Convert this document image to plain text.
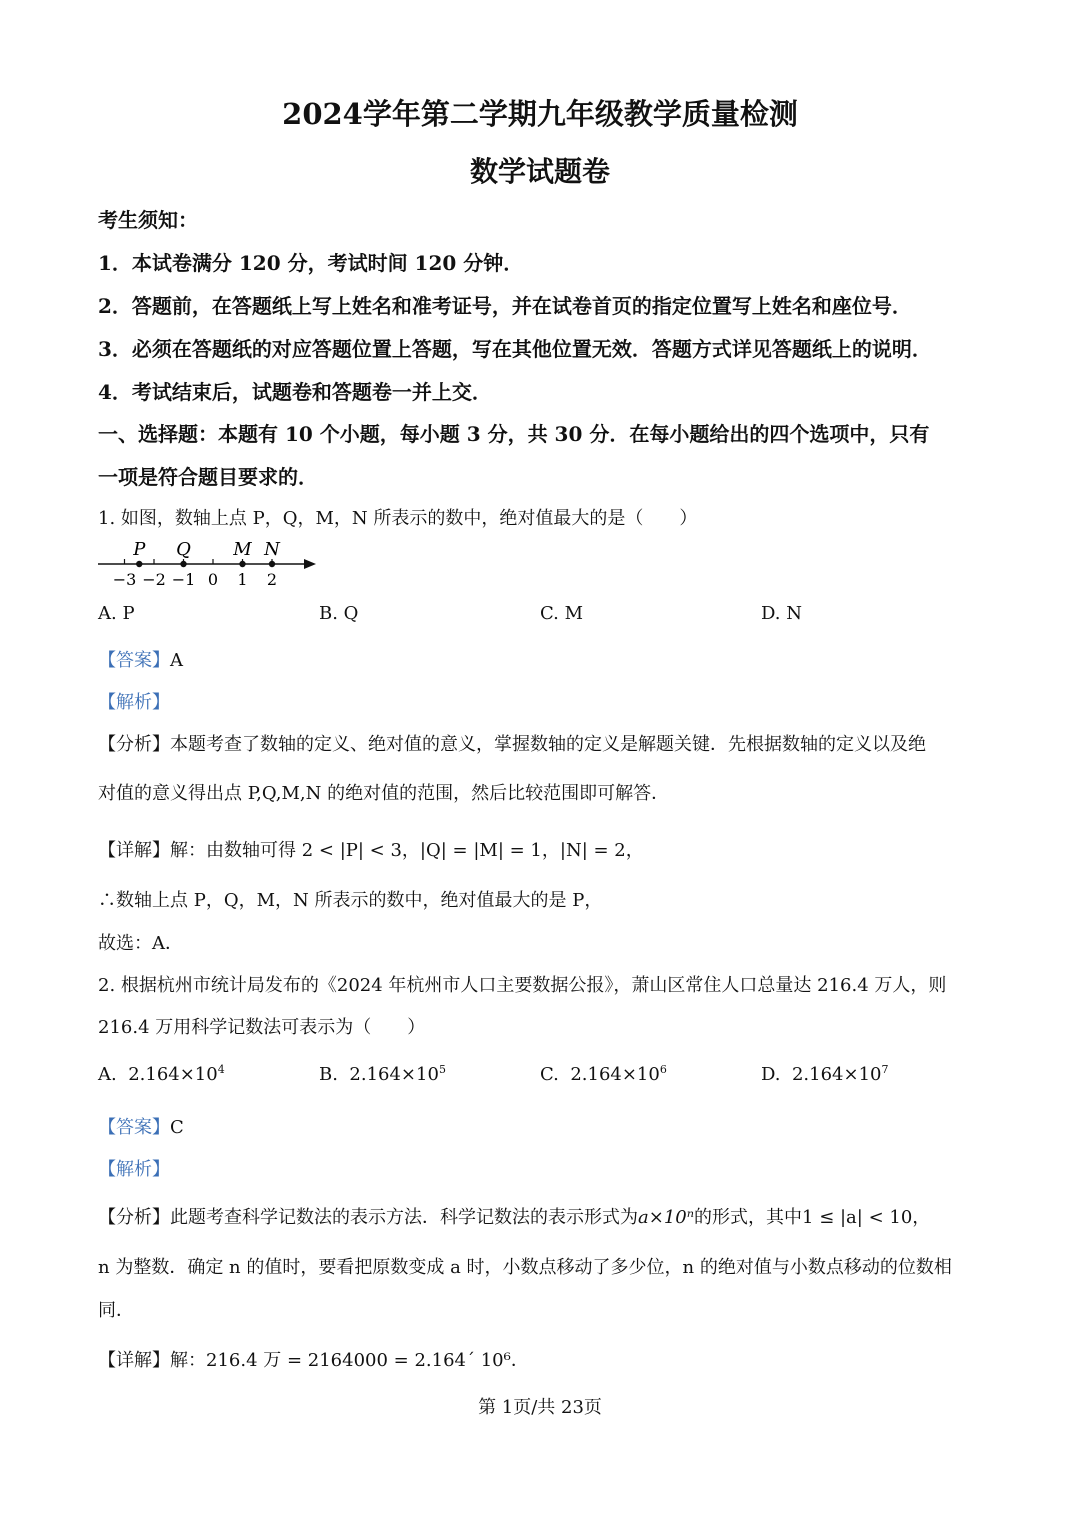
2024学年第二学期九年级教学质量检测
数学试题卷
考生须知：
1．本试卷满分 120 分，考试时间 120 分钟．
2．答题前，在答题纸上写上姓名和准考证号，并在试卷首页的指定位置写上姓名和座位号．
3．必须在答题纸的对应答题位置上答题，写在其他位置无效．答题方式详见答题纸上的说明．
4．考试结束后，试题卷和答题卷一并上交．
一、选择题：本题有 10 个小题，每小题 3 分，共 30 分．在每小题给出的四个选项中，只有
一项是符合题目要求的．
1. 如图，数轴上点 P，Q，M，N 所表示的数中，绝对值最大的是（　　）
−3 −2 −1 0 1 2
P Q M N
A. P	B. Q	C. M	D. N
【答案】A
【解析】
【分析】本题考查了数轴的定义、绝对值的意义，掌握数轴的定义是解题关键．先根据数轴的定义以及绝
对值的意义得出点 P,Q,M,N 的绝对值的范围，然后比较范围即可解答．
【详解】解：由数轴可得 2 < |P| < 3，|Q| = |M| = 1，|N| = 2，
∴数轴上点 P，Q，M，N 所表示的数中，绝对值最大的是 P，
故选：A．
2. 根据杭州市统计局发布的《2024 年杭州市人口主要数据公报》，萧山区常住人口总量达 216.4 万人，则
216.4 万用科学记数法可表示为（　　）
A. $2.164\times 10^4$	B. $2.164\times 10^5$	C. $2.164\times 10^6$	D. $2.164\times 10^7$
【答案】C
【解析】
【分析】此题考查科学记数法的表示方法．科学记数法的表示形式为a×10ⁿ的形式，其中1 ≤ |a| < 10，
n 为整数．确定 n 的值时，要看把原数变成 a 时，小数点移动了多少位，n 的绝对值与小数点移动的位数相
同．
【详解】解：216.4 万 = 2164000 = 2.164´ 10⁶．
第 1页/共 23页
